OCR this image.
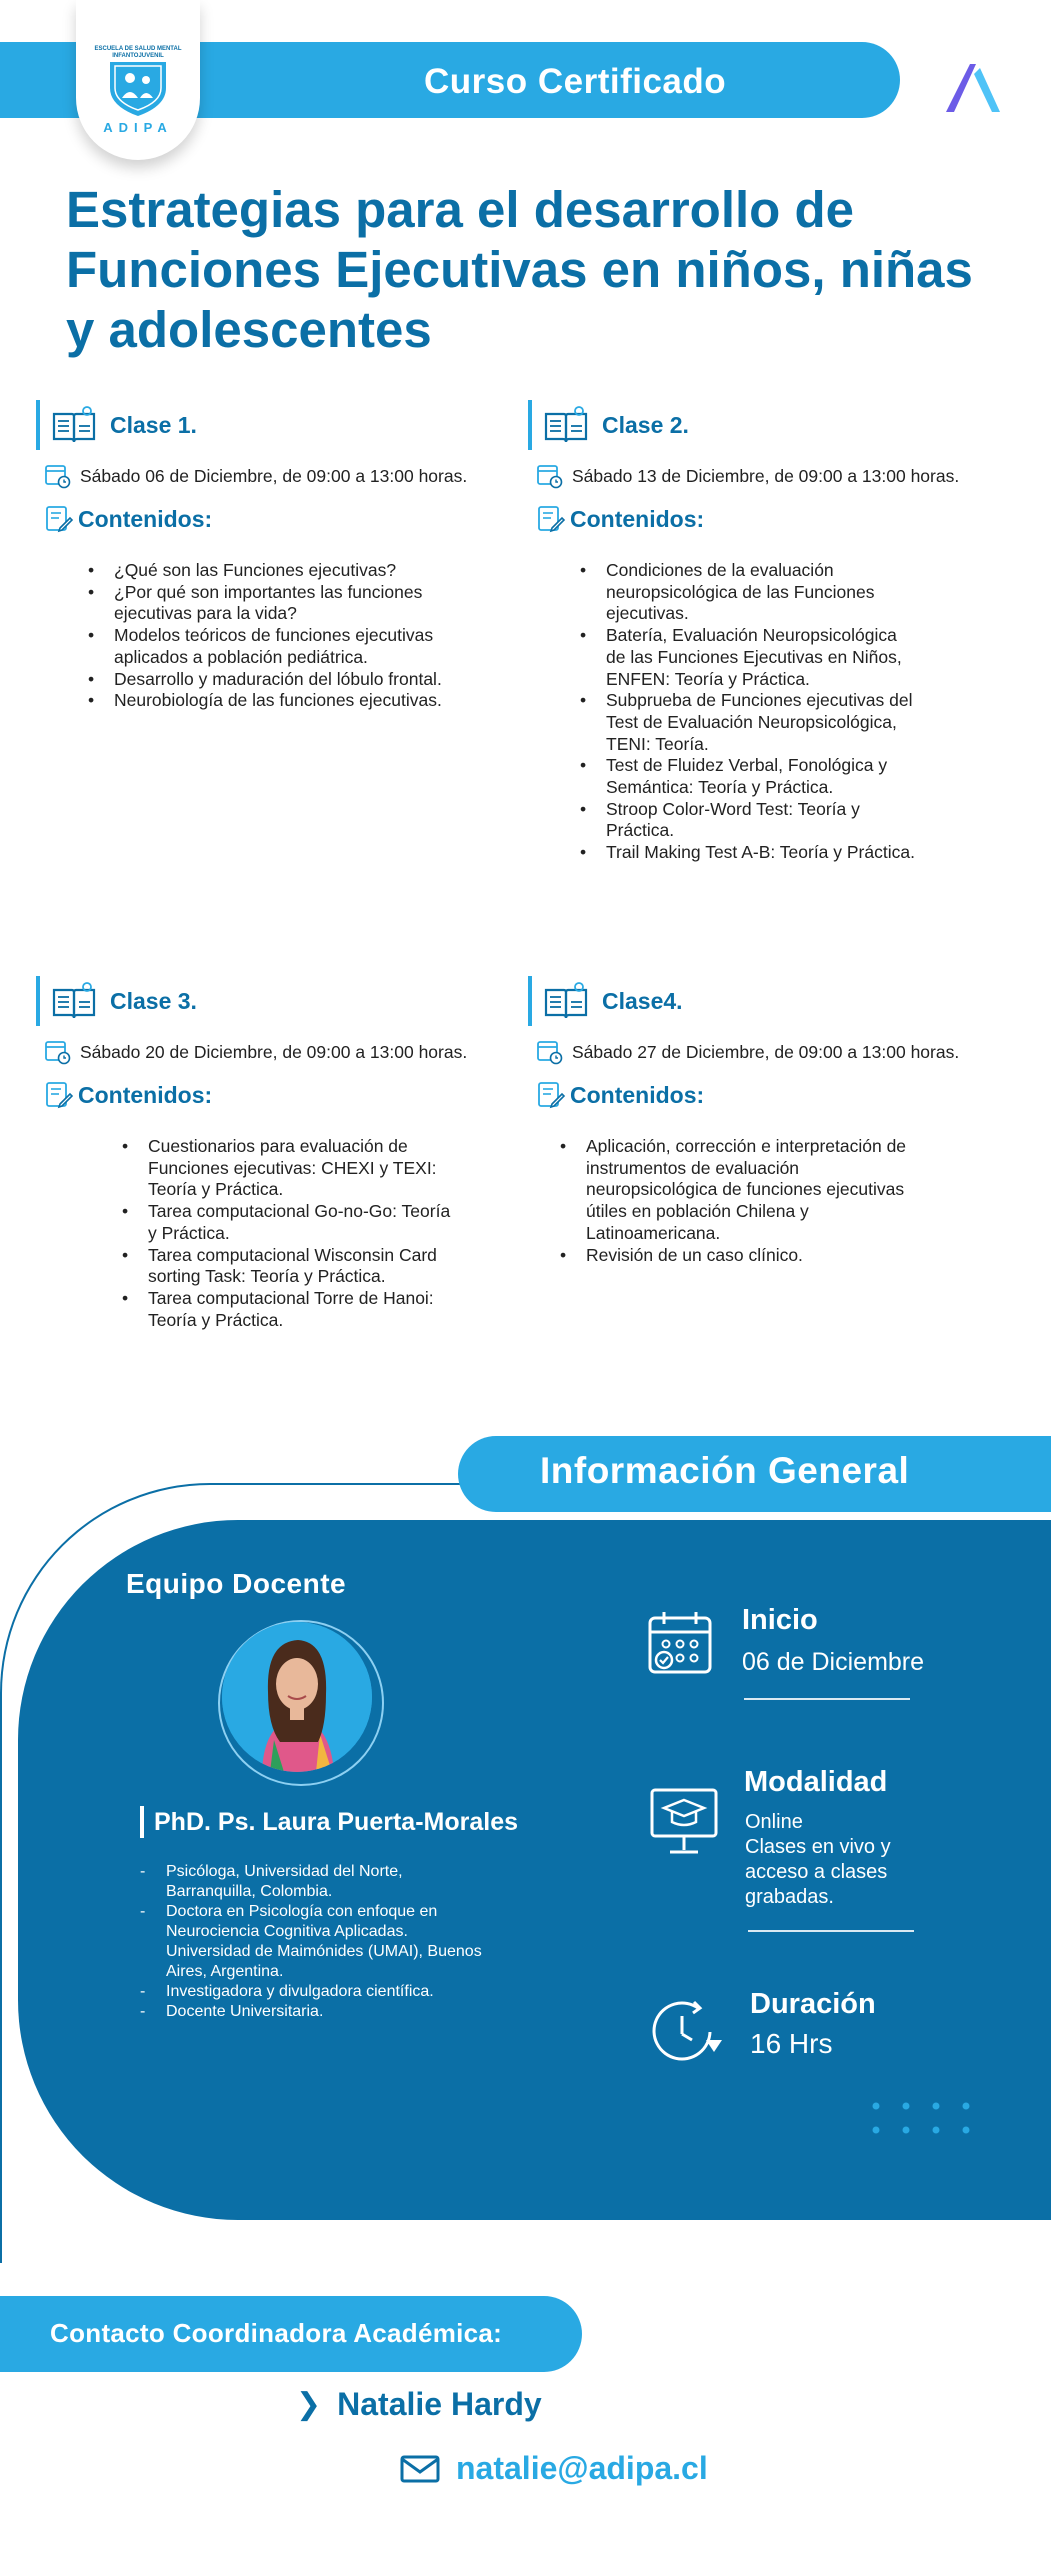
Curso Certificado
ESCUELA DE SALUD MENTAL INFANTOJUVENIL
ADIPA
Estrategias para el desarrollo de
Funciones Ejecutivas en niños, niñas
y adolescentes
Clase 1.
Sábado 06 de Diciembre, de 09:00 a 13:00 horas.
Contenidos:
• ¿Qué son las Funciones ejecutivas?
• ¿Por qué son importantes las funciones ejecutivas para la vida?
• Modelos teóricos de funciones ejecutivas aplicados a población pediátrica.
• Desarrollo y maduración del lóbulo frontal.
• Neurobiología de las funciones ejecutivas.
Clase 2.
Sábado 13 de Diciembre, de 09:00 a 13:00 horas.
Contenidos:
• Condiciones de la evaluación neuropsicológica de las Funciones ejecutivas.
• Batería, Evaluación Neuropsicológica de las Funciones Ejecutivas en Niños, ENFEN: Teoría y Práctica.
• Subprueba de Funciones ejecutivas del Test de Evaluación Neuropsicológica, TENI: Teoría.
• Test de Fluidez Verbal, Fonológica y Semántica: Teoría y Práctica.
• Stroop Color-Word Test: Teoría y Práctica.
• Trail Making Test A-B: Teoría y Práctica.
Clase 3.
Sábado 20 de Diciembre, de 09:00 a 13:00 horas.
Contenidos:
• Cuestionarios para evaluación de Funciones ejecutivas: CHEXI y TEXI: Teoría y Práctica.
• Tarea computacional Go-no-Go: Teoría y Práctica.
• Tarea computacional Wisconsin Card sorting Task: Teoría y Práctica.
• Tarea computacional Torre de Hanoi: Teoría y Práctica.
Clase4.
Sábado 27 de Diciembre, de 09:00 a 13:00 horas.
Contenidos:
• Aplicación, corrección e interpretación de instrumentos de evaluación neuropsicológica de funciones ejecutivas útiles en población Chilena y Latinoamericana.
• Revisión de un caso clínico.
Información General
Equipo Docente
PhD. Ps. Laura Puerta-Morales
- Psicóloga, Universidad del Norte, Barranquilla, Colombia.
- Doctora en Psicología con enfoque en Neurociencia Cognitiva Aplicadas. Universidad de Maimónides (UMAI), Buenos Aires, Argentina.
- Investigadora y divulgadora científica.
- Docente Universitaria.
Inicio
06 de Diciembre
Modalidad
Online
Clases en vivo y acceso a clases grabadas.
Duración
16 Hrs
Contacto Coordinadora Académica:
❯ Natalie Hardy
natalie@adipa.cl
